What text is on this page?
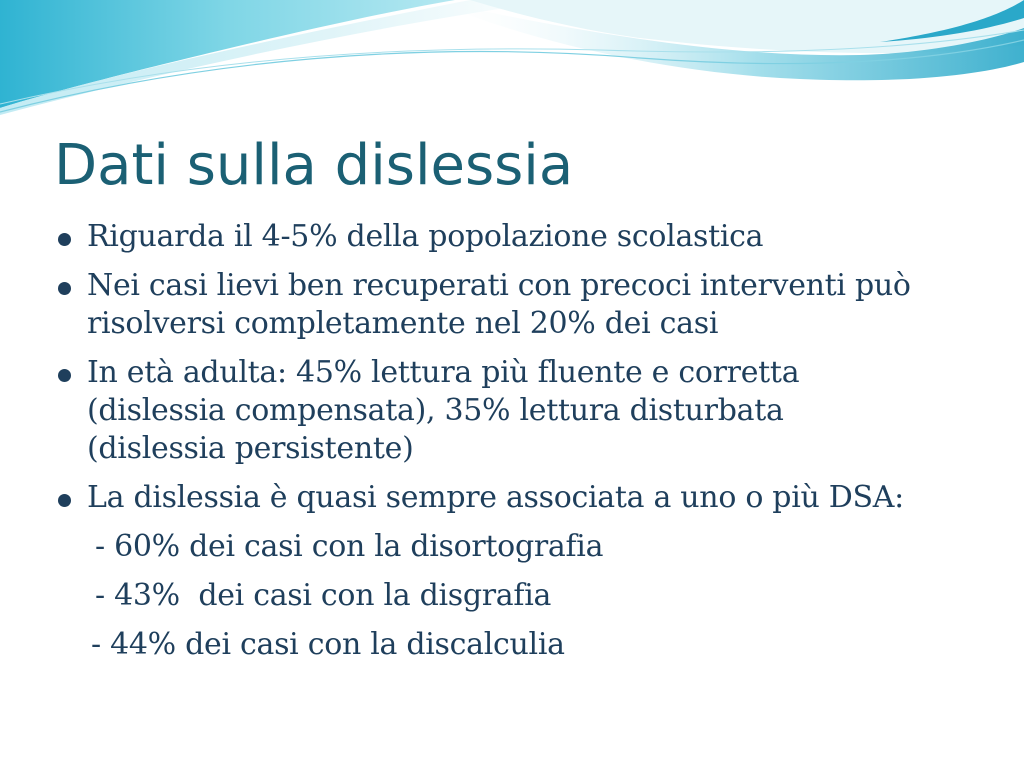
Dati sulla dislessia
Riguarda il 4-5% della popolazione scolastica
Nei casi lievi ben recuperati con precoci interventi può
risolversi completamente nel 20% dei casi
In età adulta: 45% lettura più fluente e corretta
(dislessia compensata), 35% lettura disturbata
(dislessia persistente)
La dislessia è quasi sempre associata a uno o più DSA:
- 60% dei casi con la disortografia
- 43%  dei casi con la disgrafia
- 44% dei casi con la discalculia
